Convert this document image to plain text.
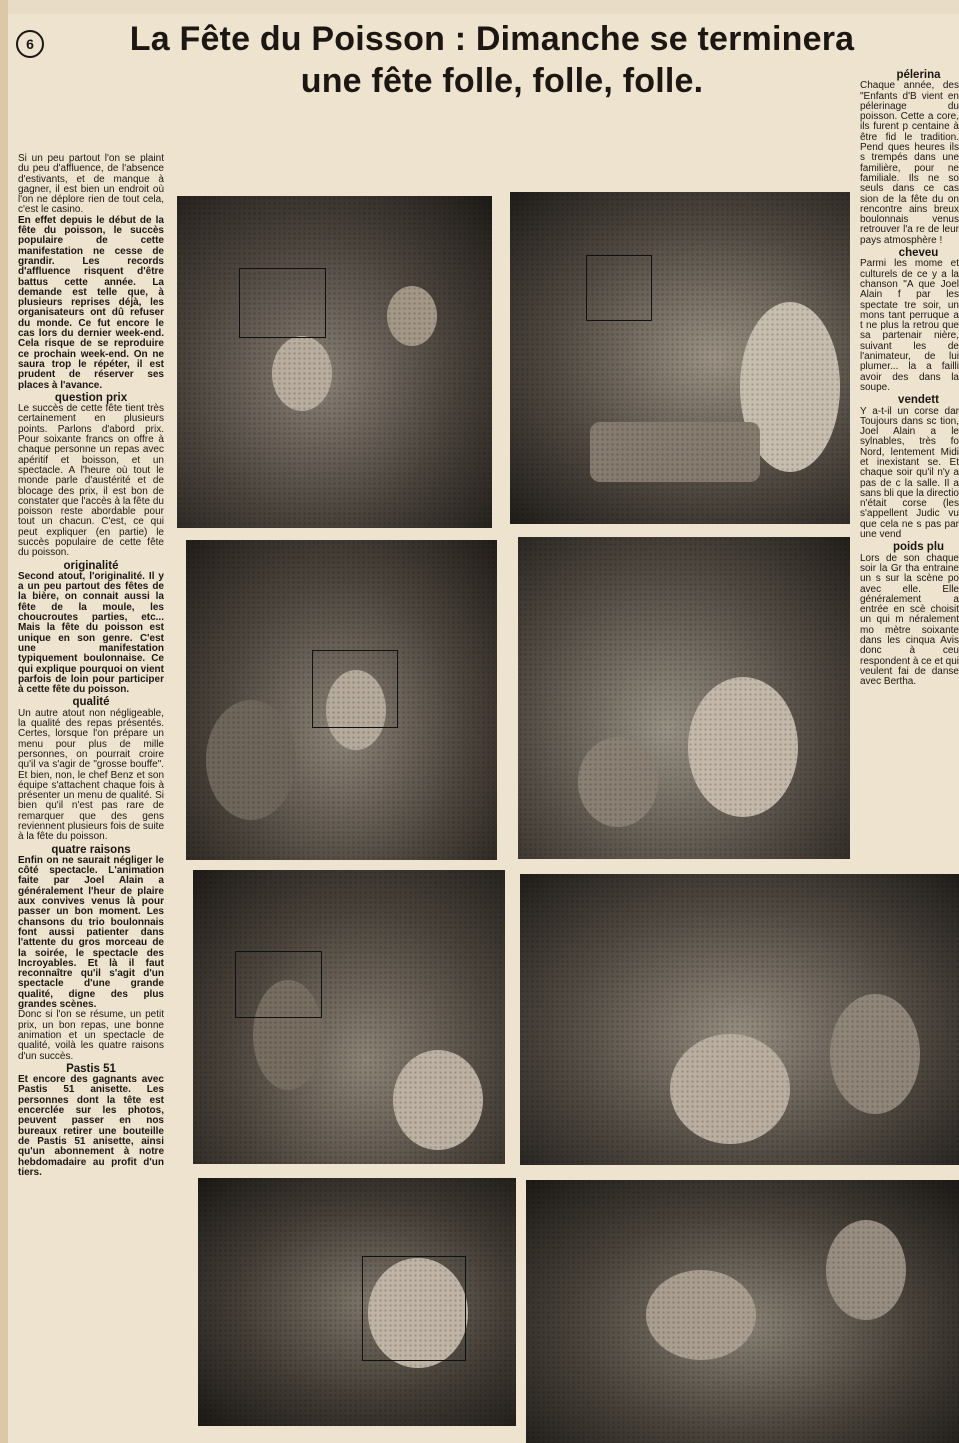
6	La Fête du Poisson : Dimanche se terminera
une fête folle, folle, folle.

Si un peu partout l'on se plaint du peu d'affluence, de l'absence d'estivants, et de manque à gagner, il est bien un endroit où l'on ne déplore rien de tout cela, c'est le casino.

En effet depuis le début de la fête du poisson, le succès populaire de cette manifestation ne cesse de grandir. Les records d'affluence risquent d'être battus cette année. La demande est telle que, à plusieurs reprises déjà, les organisateurs ont dû refuser du monde. Ce fut encore le cas lors du dernier week-end. Cela risque de se reproduire ce prochain week-end. On ne saura trop le répéter, il est prudent de réserver ses places à l'avance.

question prix

Le succès de cette fête tient très certainement en plusieurs points. Parlons d'abord prix. Pour soixante francs on offre à chaque personne un repas avec apéritif et boisson, et un spectacle. A l'heure où tout le monde parle d'austérité et de blocage des prix, il est bon de constater que l'accès à la fête du poisson reste abordable pour tout un chacun. C'est, ce qui peut expliquer (en partie) le succès populaire de cette fête du poisson.

originalité

Second atout, l'originalité. Il y a un peu partout des fêtes de la bière, on connait aussi la fête de la moule, les choucroutes parties, etc... Mais la fête du poisson est unique en son genre. C'est une manifestation typiquement boulonnaise. Ce qui explique pourquoi on vient parfois de loin pour participer à cette fête du poisson.

qualité

Un autre atout non négligeable, la qualité des repas présentés. Certes, lorsque l'on prépare un menu pour plus de mille personnes, on pourrait croire qu'il va s'agir de "grosse bouffe". Et bien, non, le chef Benz et son équipe s'attachent chaque fois à présenter un menu de qualité. Si bien qu'il n'est pas rare de remarquer que des gens reviennent plusieurs fois de suite à la fête du poisson.

quatre raisons

Enfin on ne saurait négliger le côté spectacle. L'animation faite par Joel Alain a généralement l'heur de plaire aux convives venus là pour passer un bon moment. Les chansons du trio boulonnais font aussi patienter dans l'attente du gros morceau de la soirée, le spectacle des Incroyables. Et là il faut reconnaître qu'il s'agit d'un spectacle d'une grande qualité, digne des plus grandes scènes.

Donc si l'on se résume, un petit prix, un bon repas, une bonne animation et un spectacle de qualité, voilà les quatre raisons d'un succès.

Pastis 51

Et encore des gagnants avec Pastis 51 anisette. Les personnes dont la tête est encerclée sur les photos, peuvent passer en nos bureaux retirer une bouteille de Pastis 51 anisette, ainsi qu'un abonnement à notre hebdomadaire au profit d'un tiers.

pélerina

Chaque année, des "Enfants d'B vient en pélerinage du poisson. Cette a core, ils furent p centaine à être fid le tradition. Pend ques heures ils s trempés dans une familière, pour ne familiale. Ils ne so seuls dans ce cas sion de la fête du on rencontre ains breux boulonnais venus retrouver l'a re de leur pays atmosphère !

cheveu

Parmi les mome et culturels de ce y a la chanson "A que Joel Alain f par les spectate tre soir, un mons tant perruque a t ne plus la retrou que sa partenair nière, suivant les de l'animateur, de lui plumer... la a failli avoir des dans la soupe.

vendett

Y a-t-il un corse dar Toujours dans sc tion, Joel Alain a le sylnables, très fo Nord, lentement Midi et inexistant se. Et chaque soir qu'il n'y a pas de c la salle. Il a sans bli que la directio n'était corse (les s'appellent Judic vu que cela ne s pas par une vend

poids plu

Lors de son chaque soir la Gr tha entraine un s sur la scène po avec elle. Elle généralement a entrée en scè choisit un qui m néralement mo mètre soixante dans les cinqua Avis donc à ceu respondent à ce et qui veulent fai de danse avec Bertha.
